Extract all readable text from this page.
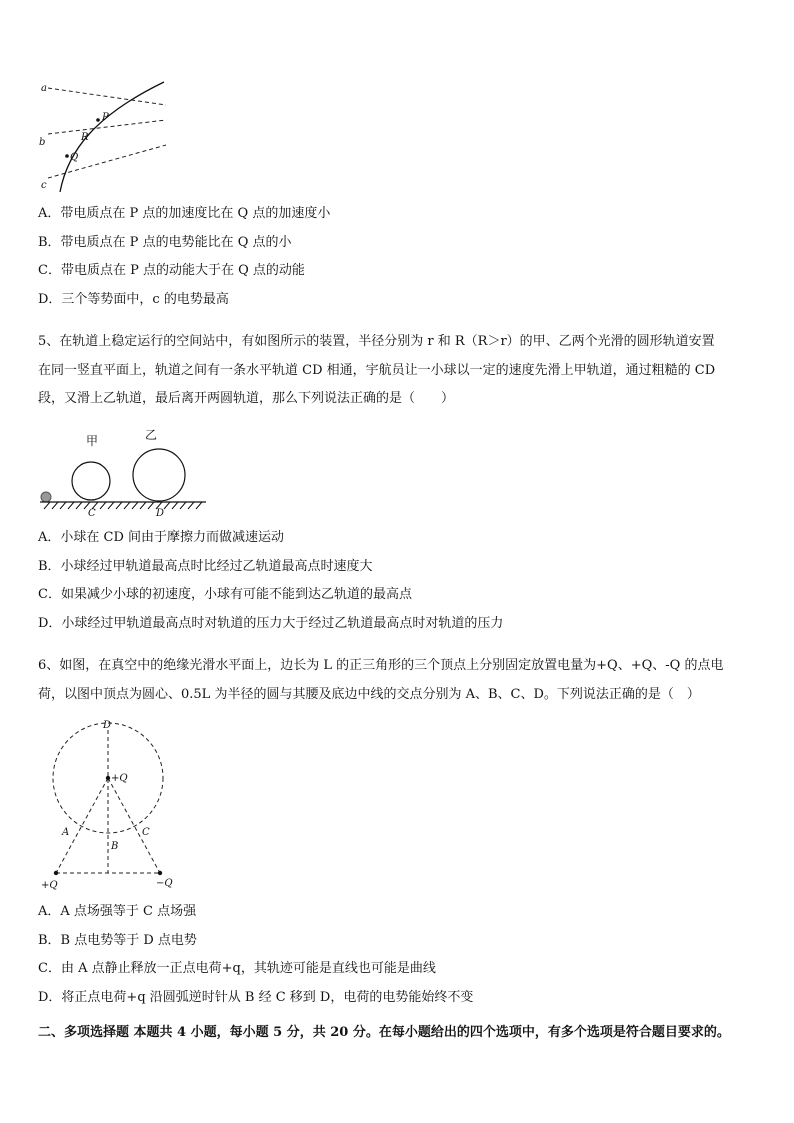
a
b
c
P
R
Q
A．带电质点在 P 点的加速度比在 Q 点的加速度小
B．带电质点在 P 点的电势能比在 Q 点的小
C．带电质点在 P 点的动能大于在 Q 点的动能
D．三个等势面中，c 的电势最高
5、在轨道上稳定运行的空间站中，有如图所示的装置，半径分别为 r 和 R（R＞r）的甲、乙两个光滑的圆形轨道安置
在同一竖直平面上，轨道之间有一条水平轨道 CD 相通，宇航员让一小球以一定的速度先滑上甲轨道，通过粗糙的 CD
段，又滑上乙轨道，最后离开两圆轨道，那么下列说法正确的是（　　）
甲	乙
C	D
A．小球在 CD 间由于摩擦力而做减速运动
B．小球经过甲轨道最高点时比经过乙轨道最高点时速度大
C．如果减少小球的初速度，小球有可能不能到达乙轨道的最高点
D．小球经过甲轨道最高点时对轨道的压力大于经过乙轨道最高点时对轨道的压力
6、如图，在真空中的绝缘光滑水平面上，边长为 L 的正三角形的三个顶点上分别固定放置电量为+Q、+Q、-Q 的点电
荷，以图中顶点为圆心、0.5L 为半径的圆与其腰及底边中线的交点分别为 A、B、C、D。下列说法正确的是（　）
D
+Q
A
B
C
+Q	−Q
A．A 点场强等于 C 点场强
B．B 点电势等于 D 点电势
C．由 A 点静止释放一正点电荷+q，其轨迹可能是直线也可能是曲线
D．将正点电荷+q 沿圆弧逆时针从 B 经 C 移到 D，电荷的电势能始终不变
二、多项选择题 本题共 4 小题，每小题 5 分，共 20 分。在每小题给出的四个选项中，有多个选项是符合题目要求的。
